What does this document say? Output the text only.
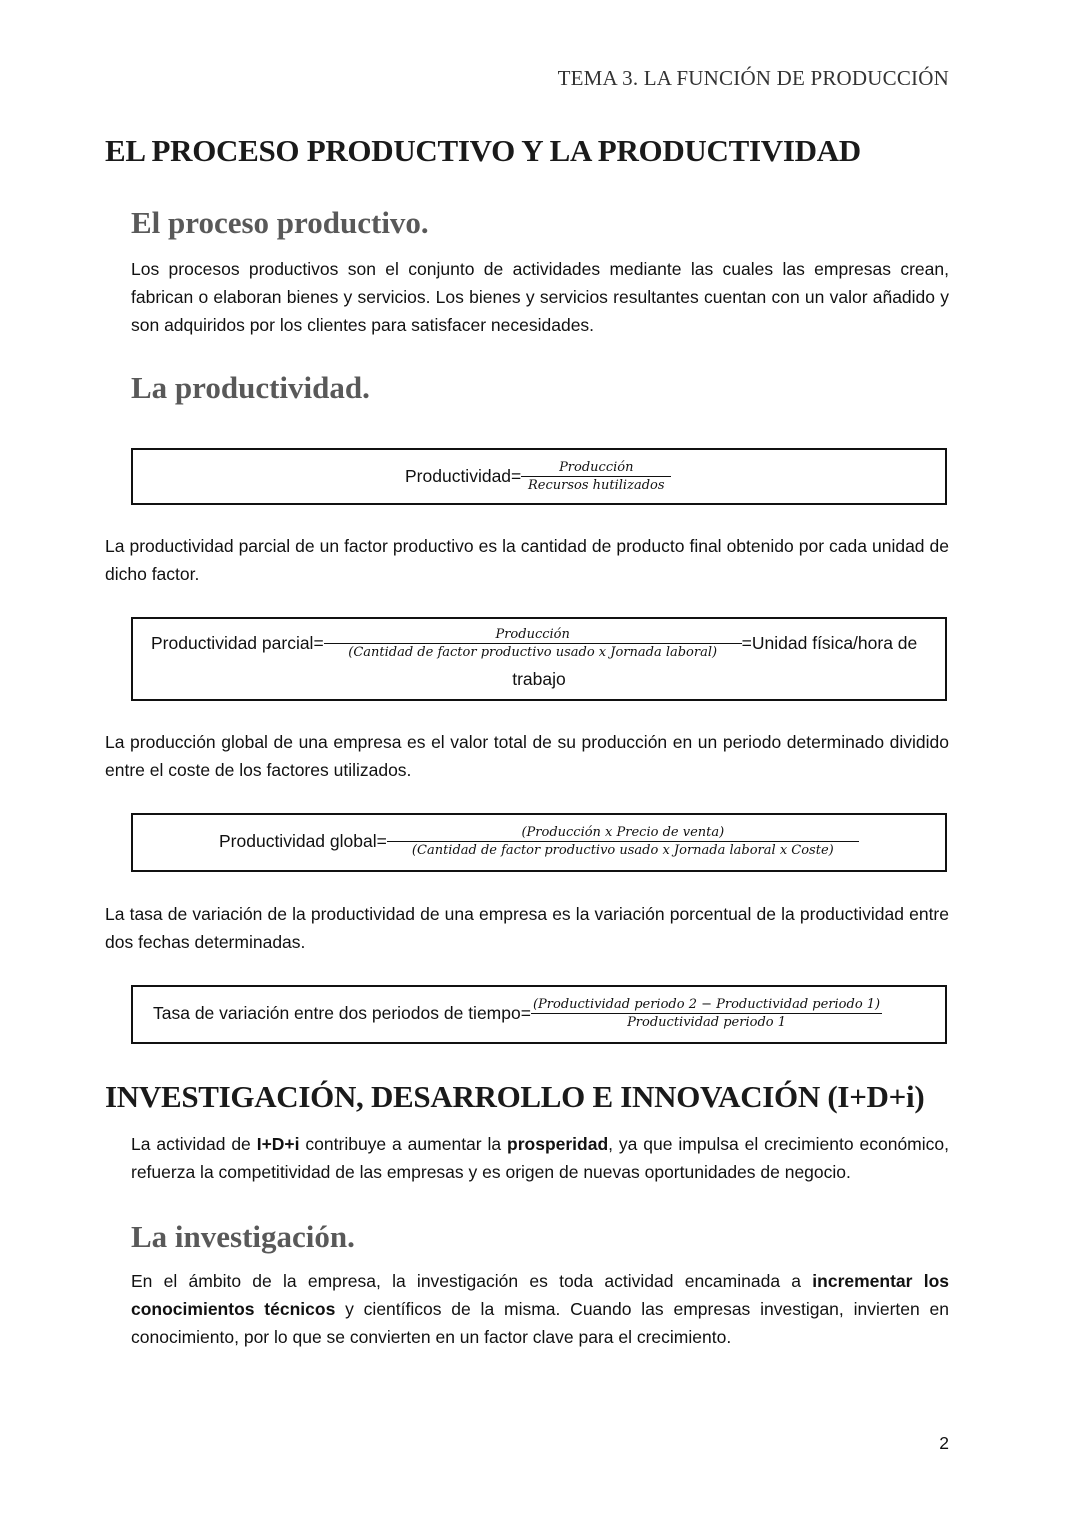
TEMA 3. LA FUNCIÓN DE PRODUCCIÓN
EL PROCESO PRODUCTIVO Y LA PRODUCTIVIDAD
El proceso productivo.
Los procesos productivos son el conjunto de actividades mediante las cuales las empresas crean, fabrican o elaboran bienes y servicios. Los bienes y servicios resultantes cuentan con un valor añadido y son adquiridos por los clientes para satisfacer necesidades.
La productividad.
Productividad= $\frac{\text{Producción}}{\text{Recursos hutilizados}}$
La productividad parcial de un factor productivo es la cantidad de producto final obtenido por cada unidad de dicho factor.
Productividad parcial= $\frac{\text{Producción}}{\text{(Cantidad de factor productivo usado x Jornada laboral)}}$ =Unidad física/hora de
trabajo
La producción global de una empresa es el valor total de su producción en un periodo determinado dividido entre el coste de los factores utilizados.
Productividad global=	(Producción x Precio de venta)
(Cantidad de factor productivo usado x Jornada laboral x Coste)
La tasa de variación de la productividad de una empresa es la variación porcentual de la productividad entre dos fechas determinadas.
Tasa de variación entre dos periodos de tiempo= $\frac{\text{(Productividad periodo 2 − Productividad periodo 1)}}{\text{Productividad periodo 1}}$
INVESTIGACIÓN, DESARROLLO E INNOVACIÓN (I+D+i)
La actividad de I+D+i contribuye a aumentar la prosperidad, ya que impulsa el crecimiento económico, refuerza la competitividad de las empresas y es origen de nuevas oportunidades de negocio.
La investigación.
En el ámbito de la empresa, la investigación es toda actividad encaminada a incrementar los conocimientos técnicos y científicos de la misma. Cuando las empresas investigan, invierten en conocimiento, por lo que se convierten en un factor clave para el crecimiento.
2
